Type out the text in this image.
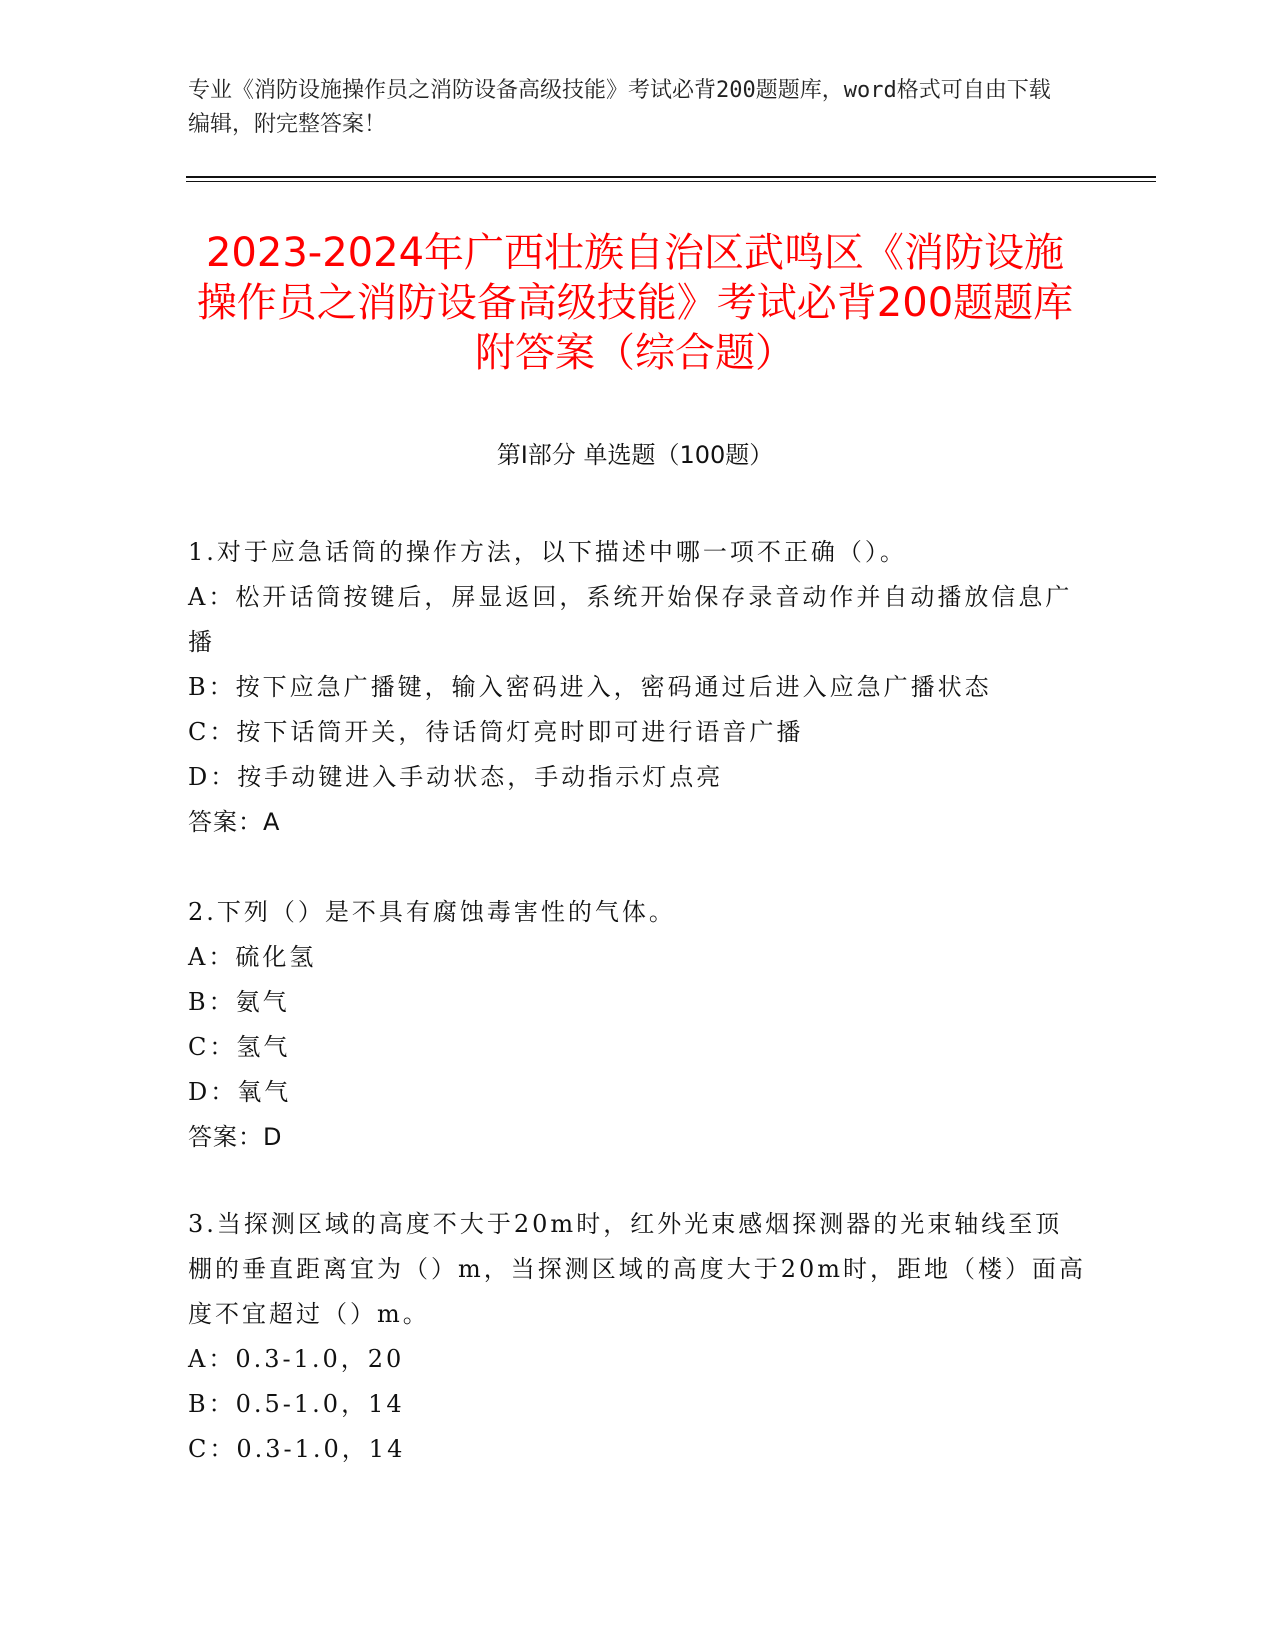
专业《消防设施操作员之消防设备高级技能》考试必背200题题库，word格式可自由下载编辑，附完整答案！
2023-2024年广西壮族自治区武鸣区《消防设施操作员之消防设备高级技能》考试必背200题题库附答案（综合题）
第I部分 单选题（100题）
1.对于应急话筒的操作方法，以下描述中哪一项不正确（）。
A：松开话筒按键后，屏显返回，系统开始保存录音动作并自动播放信息广播
B：按下应急广播键，输入密码进入，密码通过后进入应急广播状态
C：按下话筒开关，待话筒灯亮时即可进行语音广播
D：按手动键进入手动状态，手动指示灯点亮
答案：A
2.下列（）是不具有腐蚀毒害性的气体。
A：硫化氢
B：氨气
C：氢气
D：氧气
答案：D
3.当探测区域的高度不大于20m时，红外光束感烟探测器的光束轴线至顶棚的垂直距离宜为（）m，当探测区域的高度大于20m时，距地（楼）面高度不宜超过（）m。
A：0.3-1.0，20
B：0.5-1.0，14
C：0.3-1.0，14
